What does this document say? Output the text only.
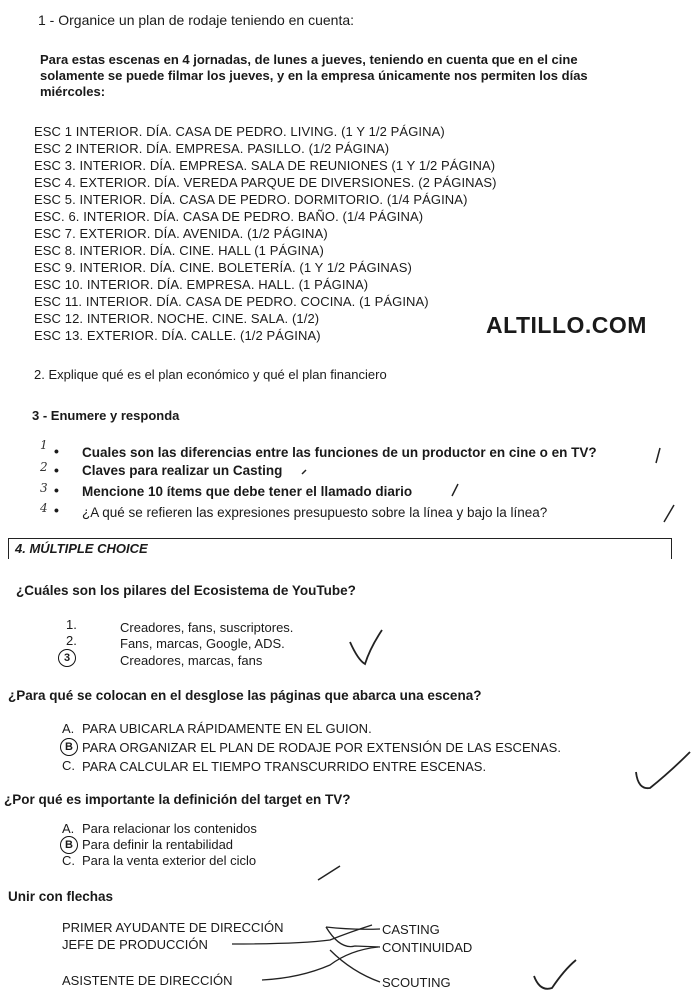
1 - Organice un plan de rodaje teniendo en cuenta:
Para estas escenas en 4 jornadas, de lunes a jueves, teniendo en cuenta que en el cine
solamente se puede filmar los jueves, y en la empresa únicamente nos permiten los días
miércoles:
ESC 1 INTERIOR. DÍA. CASA DE PEDRO. LIVING. (1 Y 1/2 PÁGINA)
ESC 2 INTERIOR. DÍA. EMPRESA. PASILLO. (1/2 PÁGINA)
ESC 3. INTERIOR. DÍA. EMPRESA. SALA DE REUNIONES (1 Y 1/2 PÁGINA)
ESC 4. EXTERIOR. DÍA. VEREDA PARQUE DE DIVERSIONES. (2 PÁGINAS)
ESC 5. INTERIOR. DÍA. CASA DE PEDRO. DORMITORIO. (1/4 PÁGINA)
ESC. 6. INTERIOR. DÍA. CASA DE PEDRO. BAÑO. (1/4 PÁGINA)
ESC 7. EXTERIOR. DÍA. AVENIDA. (1/2 PÁGINA)
ESC 8. INTERIOR. DÍA. CINE. HALL (1 PÁGINA)
ESC 9. INTERIOR. DÍA. CINE. BOLETERÍA. (1 Y 1/2 PÁGINAS)
ESC 10. INTERIOR. DÍA. EMPRESA. HALL. (1 PÁGINA)
ESC 11. INTERIOR. DÍA. CASA DE PEDRO. COCINA. (1 PÁGINA)
ESC 12. INTERIOR. NOCHE. CINE. SALA. (1/2)
ESC 13. EXTERIOR. DÍA. CALLE. (1/2 PÁGINA)	ALTILLO.COM
2. Explique qué es el plan económico y qué el plan financiero
3 - Enumere y responda
1 • Cuales son las diferencias entre las funciones de un productor en cine o en TV?
2 • Claves para realizar un Casting
3 • Mencione 10 ítems que debe tener el llamado diario
4 • ¿A qué se refieren las expresiones presupuesto sobre la línea y bajo la línea?
4. MÚLTIPLE CHOICE
¿Cuáles son los pilares del Ecosistema de YouTube?
1.	Creadores, fans, suscriptores.
2.	Fans, marcas, Google, ADS.
3	Creadores, marcas, fans
¿Para qué se colocan en el desglose las páginas que abarca una escena?
A. PARA UBICARLA RÁPIDAMENTE EN EL GUION.
B PARA ORGANIZAR EL PLAN DE RODAJE POR EXTENSIÓN DE LAS ESCENAS.
C. PARA CALCULAR EL TIEMPO TRANSCURRIDO ENTRE ESCENAS.
¿Por qué es importante la definición del target en TV?
A. Para relacionar los contenidos
B Para definir la rentabilidad
C. Para la venta exterior del ciclo
Unir con flechas
PRIMER AYUDANTE DE DIRECCIÓN
JEFE DE PRODUCCIÓN
ASISTENTE DE DIRECCIÓN
CASTING
CONTINUIDAD
SCOUTING
